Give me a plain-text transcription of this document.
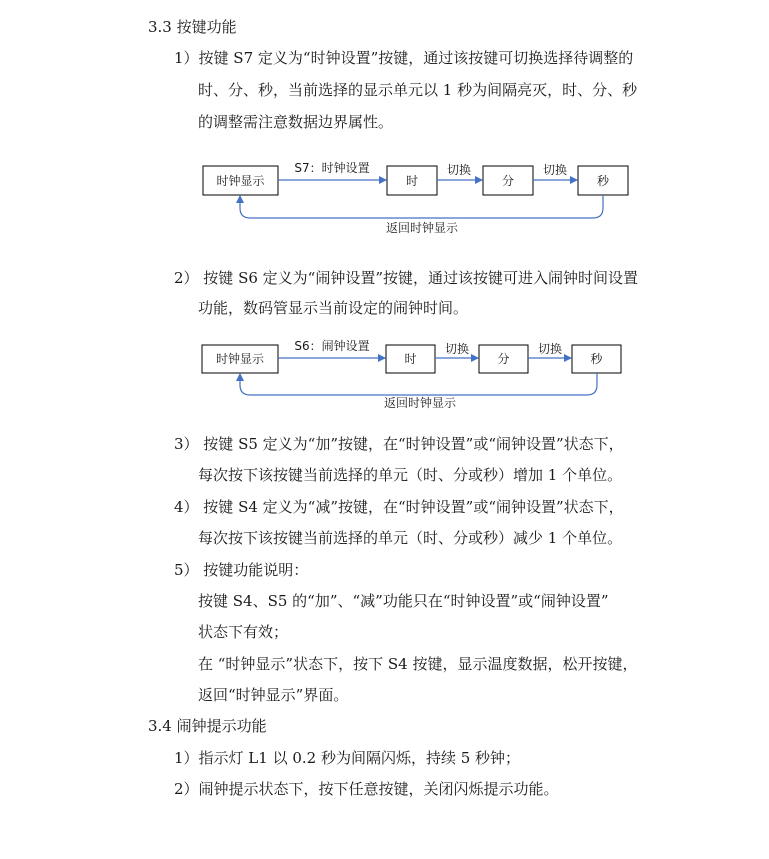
3.3 按键功能
1）按键 S7 定义为“时钟设置”按键，通过该按键可切换选择待调整的
时、分、秒，当前选择的显示单元以 1 秒为间隔亮灭，时、分、秒
的调整需注意数据边界属性。
时钟显示	时	分	秒
S7：时钟设置	切换	切换
返回时钟显示
时钟显示	时	分	秒
S6：闹钟设置	切换	切换
返回时钟显示
2） 按键 S6 定义为“闹钟设置”按键，通过该按键可进入闹钟时间设置
功能，数码管显示当前设定的闹钟时间。
3） 按键 S5 定义为“加”按键，在“时钟设置”或“闹钟设置”状态下，
每次按下该按键当前选择的单元（时、分或秒）增加 1 个单位。
4） 按键 S4 定义为“减”按键，在“时钟设置”或“闹钟设置”状态下，
每次按下该按键当前选择的单元（时、分或秒）减少 1 个单位。
5） 按键功能说明：
按键 S4、S5 的“加”、“减”功能只在“时钟设置”或“闹钟设置”
状态下有效；
在 “时钟显示”状态下，按下 S4 按键，显示温度数据，松开按键，
返回“时钟显示”界面。
3.4 闹钟提示功能
1）指示灯 L1 以 0.2 秒为间隔闪烁，持续 5 秒钟；
2）闹钟提示状态下，按下任意按键，关闭闪烁提示功能。
